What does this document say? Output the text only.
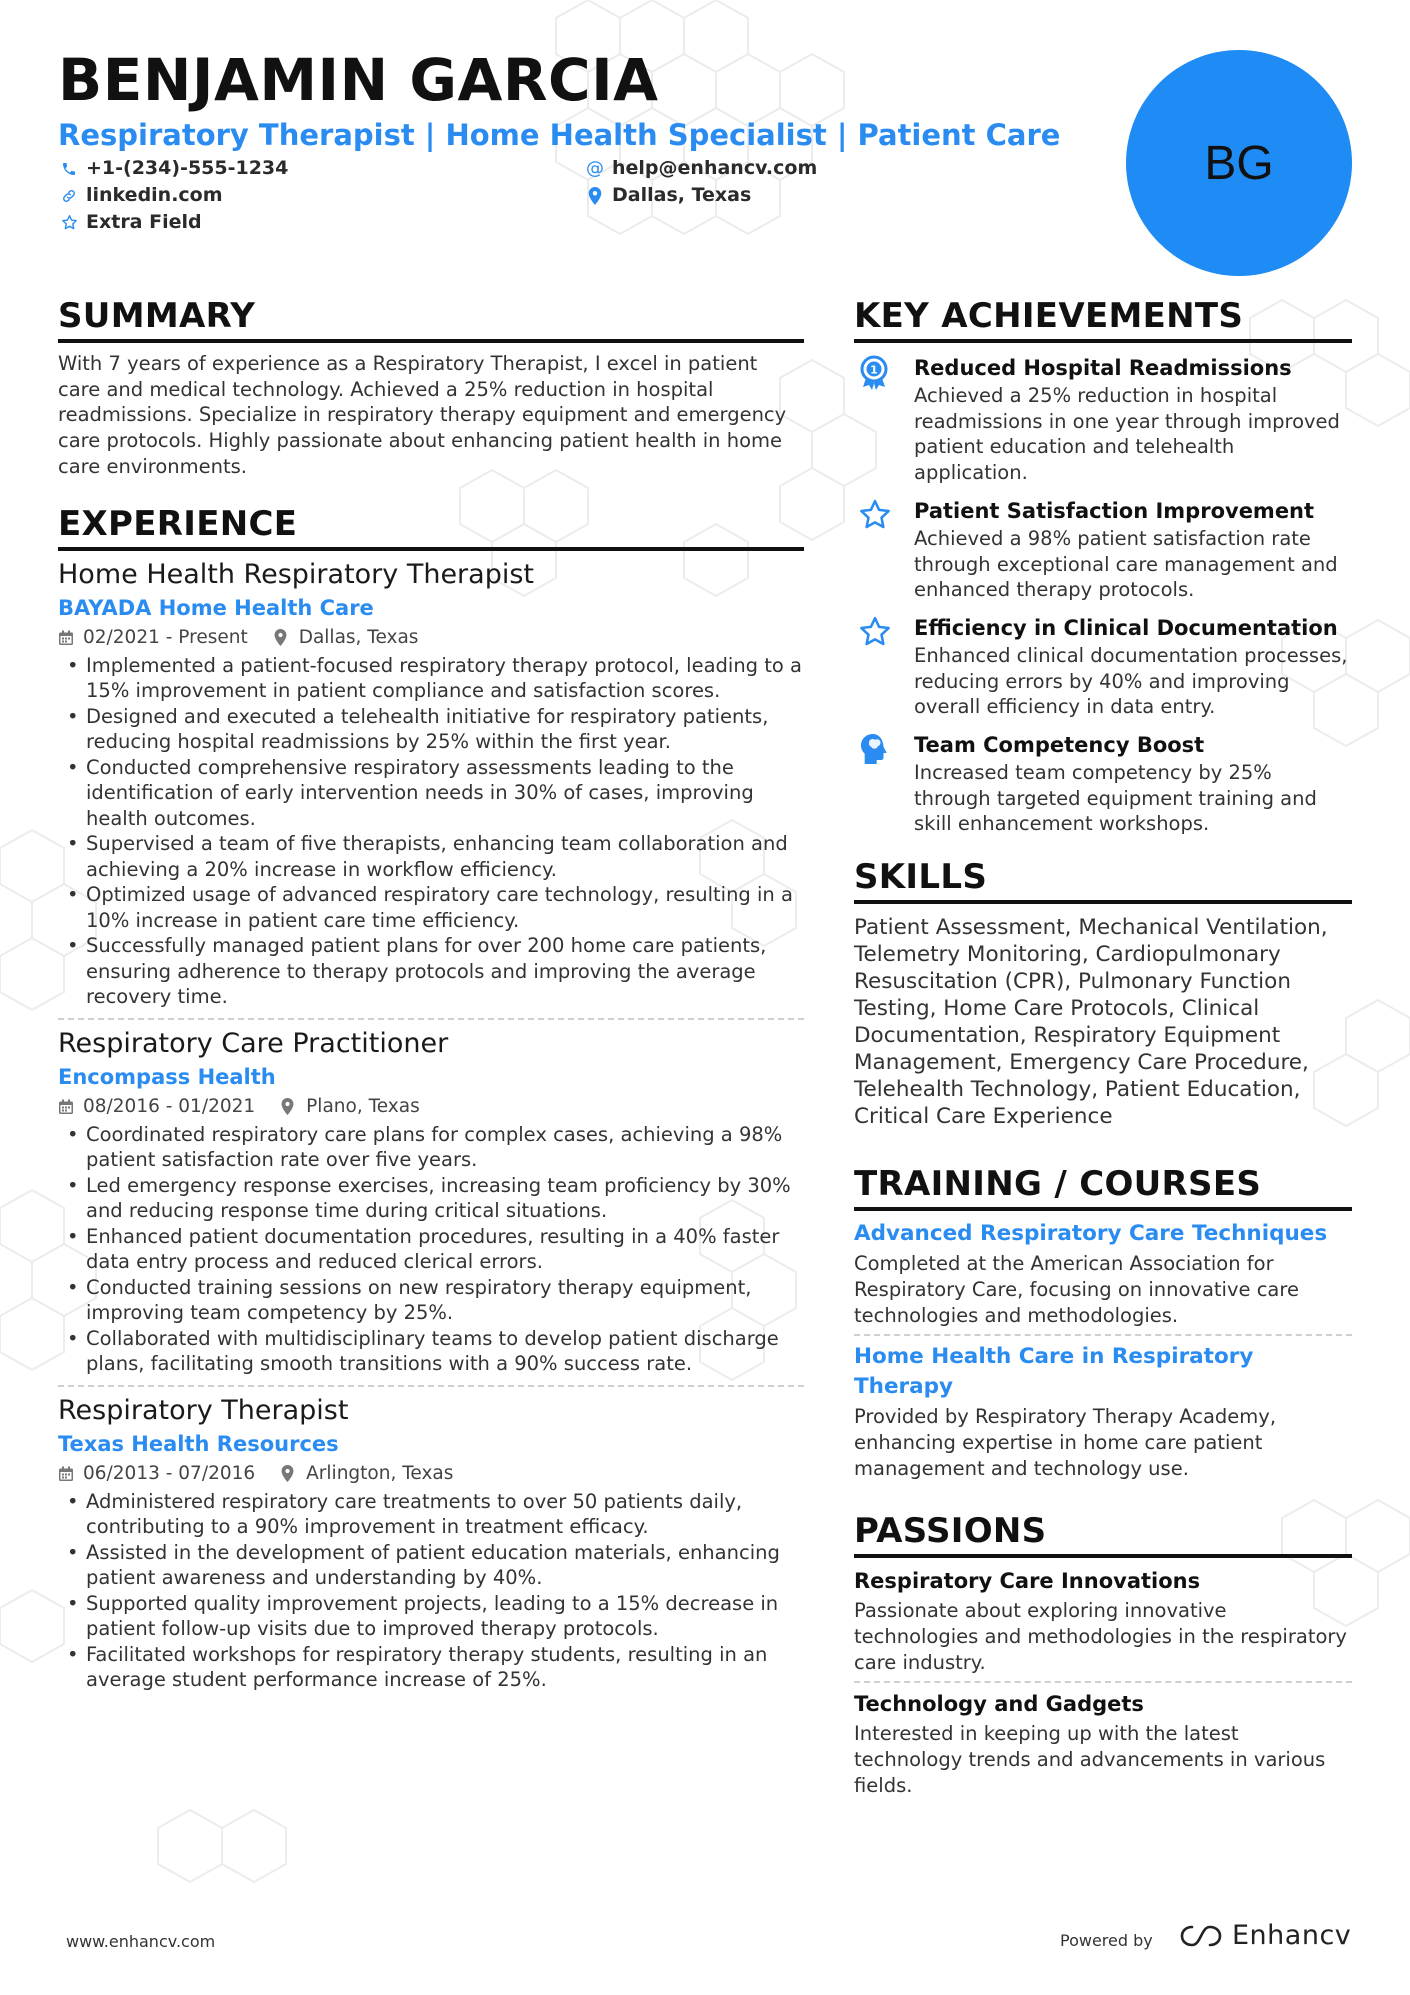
BENJAMIN GARCIA
Respiratory Therapist | Home Health Specialist | Patient Care
+1-(234)-555-1234	@ help@enhancv.com
linkedin.com	Dallas, Texas
Extra Field
BG
SUMMARY
With 7 years of experience as a Respiratory Therapist, I excel in patient care and medical technology. Achieved a 25% reduction in hospital readmissions. Specialize in respiratory therapy equipment and emergency care protocols. Highly passionate about enhancing patient health in home care environments.
EXPERIENCE
Home Health Respiratory Therapist
BAYADA Home Health Care
02/2021 - Present	Dallas, Texas
• Implemented a patient-focused respiratory therapy protocol, leading to a 15% improvement in patient compliance and satisfaction scores.
• Designed and executed a telehealth initiative for respiratory patients, reducing hospital readmissions by 25% within the first year.
• Conducted comprehensive respiratory assessments leading to the identification of early intervention needs in 30% of cases, improving health outcomes.
• Supervised a team of five therapists, enhancing team collaboration and achieving a 20% increase in workflow efficiency.
• Optimized usage of advanced respiratory care technology, resulting in a 10% increase in patient care time efficiency.
• Successfully managed patient plans for over 200 home care patients, ensuring adherence to therapy protocols and improving the average recovery time.
Respiratory Care Practitioner
Encompass Health
08/2016 - 01/2021	Plano, Texas
• Coordinated respiratory care plans for complex cases, achieving a 98% patient satisfaction rate over five years.
• Led emergency response exercises, increasing team proficiency by 30% and reducing response time during critical situations.
• Enhanced patient documentation procedures, resulting in a 40% faster data entry process and reduced clerical errors.
• Conducted training sessions on new respiratory therapy equipment, improving team competency by 25%.
• Collaborated with multidisciplinary teams to develop patient discharge plans, facilitating smooth transitions with a 90% success rate.
Respiratory Therapist
Texas Health Resources
06/2013 - 07/2016	Arlington, Texas
• Administered respiratory care treatments to over 50 patients daily, contributing to a 90% improvement in treatment efficacy.
• Assisted in the development of patient education materials, enhancing patient awareness and understanding by 40%.
• Supported quality improvement projects, leading to a 15% decrease in patient follow-up visits due to improved therapy protocols.
• Facilitated workshops for respiratory therapy students, resulting in an average student performance increase of 25%.
KEY ACHIEVEMENTS
1 Reduced Hospital Readmissions
Achieved a 25% reduction in hospital readmissions in one year through improved patient education and telehealth application.
Patient Satisfaction Improvement
Achieved a 98% patient satisfaction rate through exceptional care management and enhanced therapy protocols.
Efficiency in Clinical Documentation
Enhanced clinical documentation processes, reducing errors by 40% and improving overall efficiency in data entry.
Team Competency Boost
Increased team competency by 25% through targeted equipment training and skill enhancement workshops.
SKILLS
Patient Assessment, Mechanical Ventilation, Telemetry Monitoring, Cardiopulmonary Resuscitation (CPR), Pulmonary Function Testing, Home Care Protocols, Clinical Documentation, Respiratory Equipment Management, Emergency Care Procedure, Telehealth Technology, Patient Education, Critical Care Experience
TRAINING / COURSES
Advanced Respiratory Care Techniques
Completed at the American Association for Respiratory Care, focusing on innovative care technologies and methodologies.
Home Health Care in Respiratory Therapy
Provided by Respiratory Therapy Academy, enhancing expertise in home care patient management and technology use.
PASSIONS
Respiratory Care Innovations
Passionate about exploring innovative technologies and methodologies in the respiratory care industry.
Technology and Gadgets
Interested in keeping up with the latest technology trends and advancements in various fields.
www.enhancv.com	Powered by	Enhancv
